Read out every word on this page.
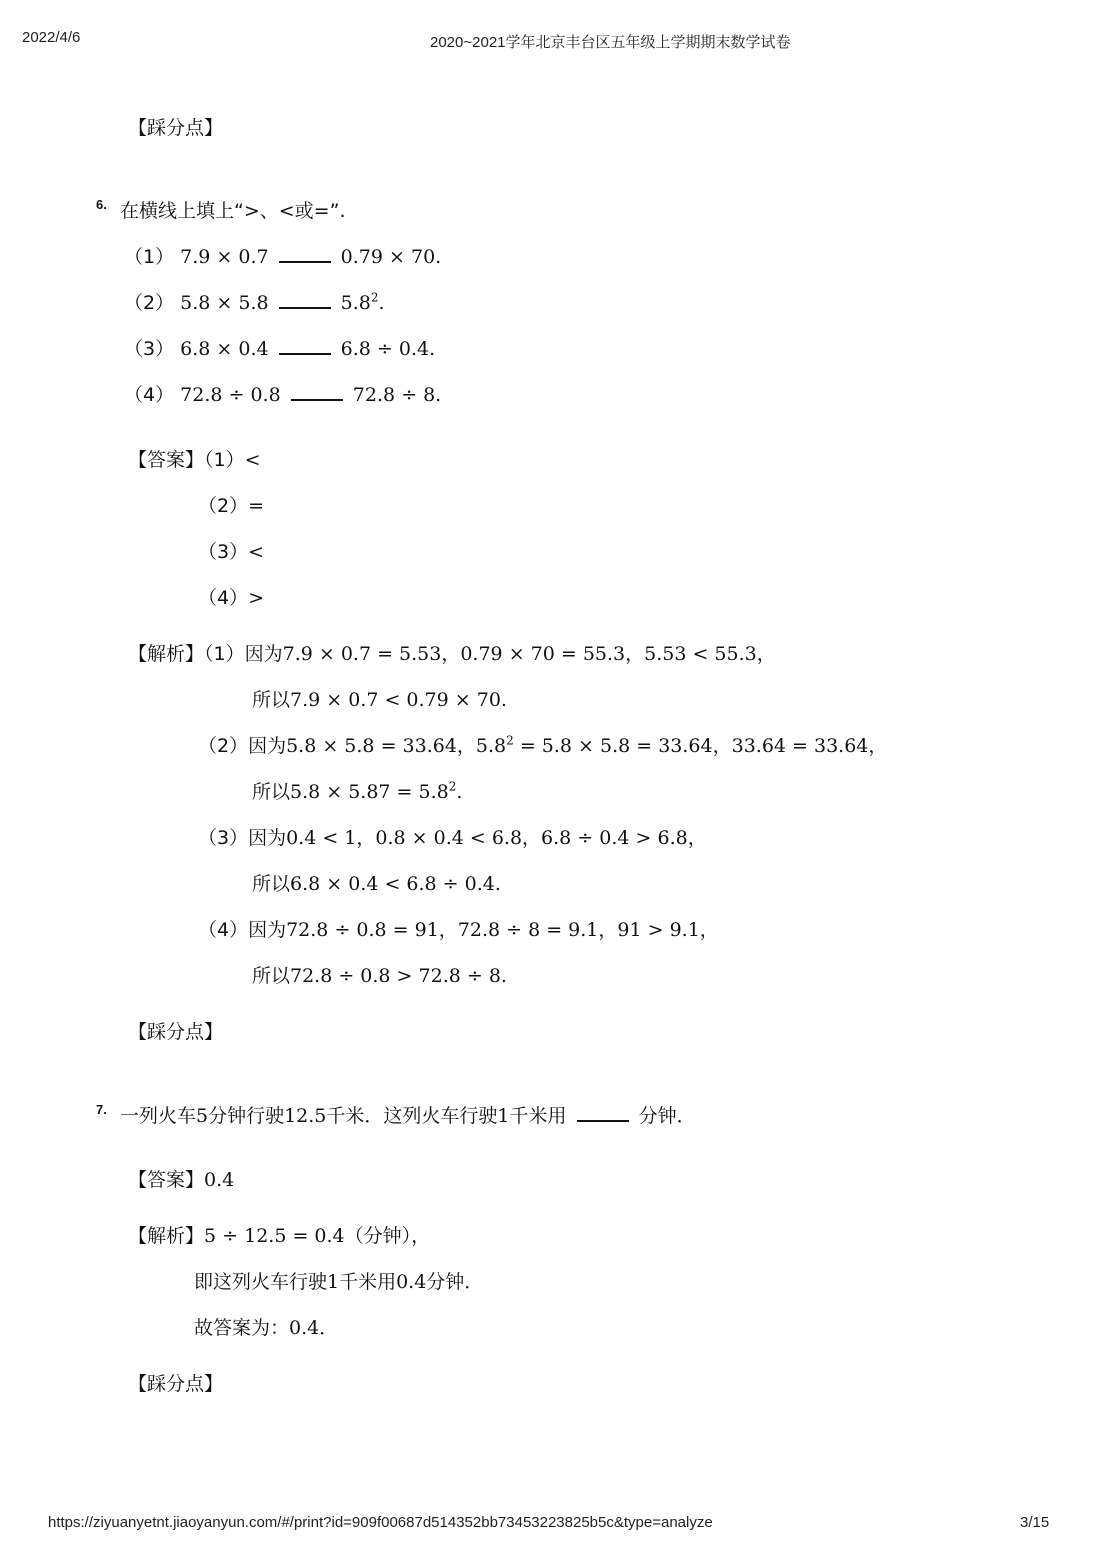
2022/4/6	2020~2021学年北京丰台区五年级上学期期末数学试卷
【踩分点】
6. 在横线上填上“>、<或=”.
（1） 7.9 × 0.7	0.79 × 70.
（2） 5.8 × 5.8	$5.8^2$.
（3） 6.8 × 0.4	6.8 ÷ 0.4.
（4） 72.8 ÷ 0.8	72.8 ÷ 8.
【答案】（1）<
（2）=
（3）<
（4）>
【解析】（1）因为7.9 × 0.7 = 5.53，0.79 × 70 = 55.3，5.53 < 55.3，
所以7.9 × 0.7 < 0.79 × 70.
（2）因为5.8 × 5.8 = 33.64，$5.8^2 = 5.8 \times 5.8 = 33.64$，33.64 = 33.64，
所以$5.8 \times 5.87 = 5.8^2$.
（3）因为0.4 < 1，0.8 × 0.4 < 6.8，6.8 ÷ 0.4 > 6.8，
所以6.8 × 0.4 < 6.8 ÷ 0.4.
（4）因为72.8 ÷ 0.8 = 91，72.8 ÷ 8 = 9.1，91 > 9.1，
所以72.8 ÷ 0.8 > 72.8 ÷ 8.
【踩分点】
7. 一列火车5分钟行驶12.5千米．这列火车行驶1千米用	分钟．
【答案】0.4
【解析】5 ÷ 12.5 = 0.4（分钟），
即这列火车行驶1千米用0.4分钟．
故答案为：0.4．
【踩分点】
https://ziyuanyetnt.jiaoyanyun.com/#/print?id=909f00687d514352bb73453223825b5c&type=analyze	3/15
